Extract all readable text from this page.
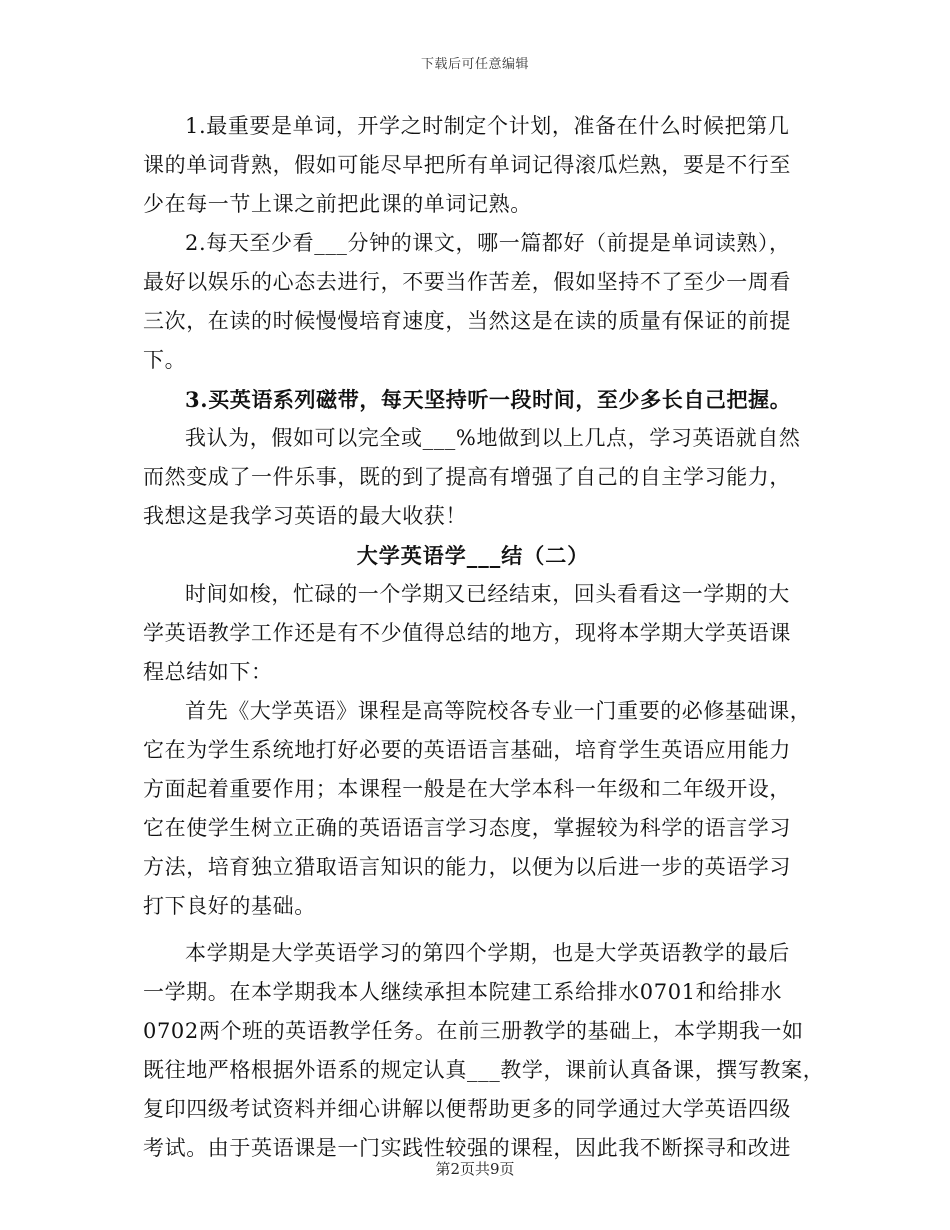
下载后可任意编辑
1.最重要是单词，开学之时制定个计划，准备在什么时候把第几
课的单词背熟，假如可能尽早把所有单词记得滚瓜烂熟，要是不行至
少在每一节上课之前把此课的单词记熟。
2.每天至少看___分钟的课文，哪一篇都好（前提是单词读熟），
最好以娱乐的心态去进行，不要当作苦差，假如坚持不了至少一周看
三次，在读的时候慢慢培育速度，当然这是在读的质量有保证的前提
下。
3.买英语系列磁带，每天坚持听一段时间，至少多长自己把握。
我认为，假如可以完全或___%地做到以上几点，学习英语就自然
而然变成了一件乐事，既的到了提高有增强了自己的自主学习能力，
我想这是我学习英语的最大收获！
大学英语学___结（二）
时间如梭，忙碌的一个学期又已经结束，回头看看这一学期的大
学英语教学工作还是有不少值得总结的地方，现将本学期大学英语课
程总结如下：
首先《大学英语》课程是高等院校各专业一门重要的必修基础课，
它在为学生系统地打好必要的英语语言基础，培育学生英语应用能力
方面起着重要作用；本课程一般是在大学本科一年级和二年级开设，
它在使学生树立正确的英语语言学习态度，掌握较为科学的语言学习
方法，培育独立猎取语言知识的能力，以便为以后进一步的英语学习
打下良好的基础。
本学期是大学英语学习的第四个学期，也是大学英语教学的最后
一学期。在本学期我本人继续承担本院建工系给排水0701和给排水
0702两个班的英语教学任务。在前三册教学的基础上，本学期我一如
既往地严格根据外语系的规定认真___教学，课前认真备课，撰写教案，
复印四级考试资料并细心讲解以便帮助更多的同学通过大学英语四级
考试。由于英语课是一门实践性较强的课程，因此我不断探寻和改进
第2页共9页
